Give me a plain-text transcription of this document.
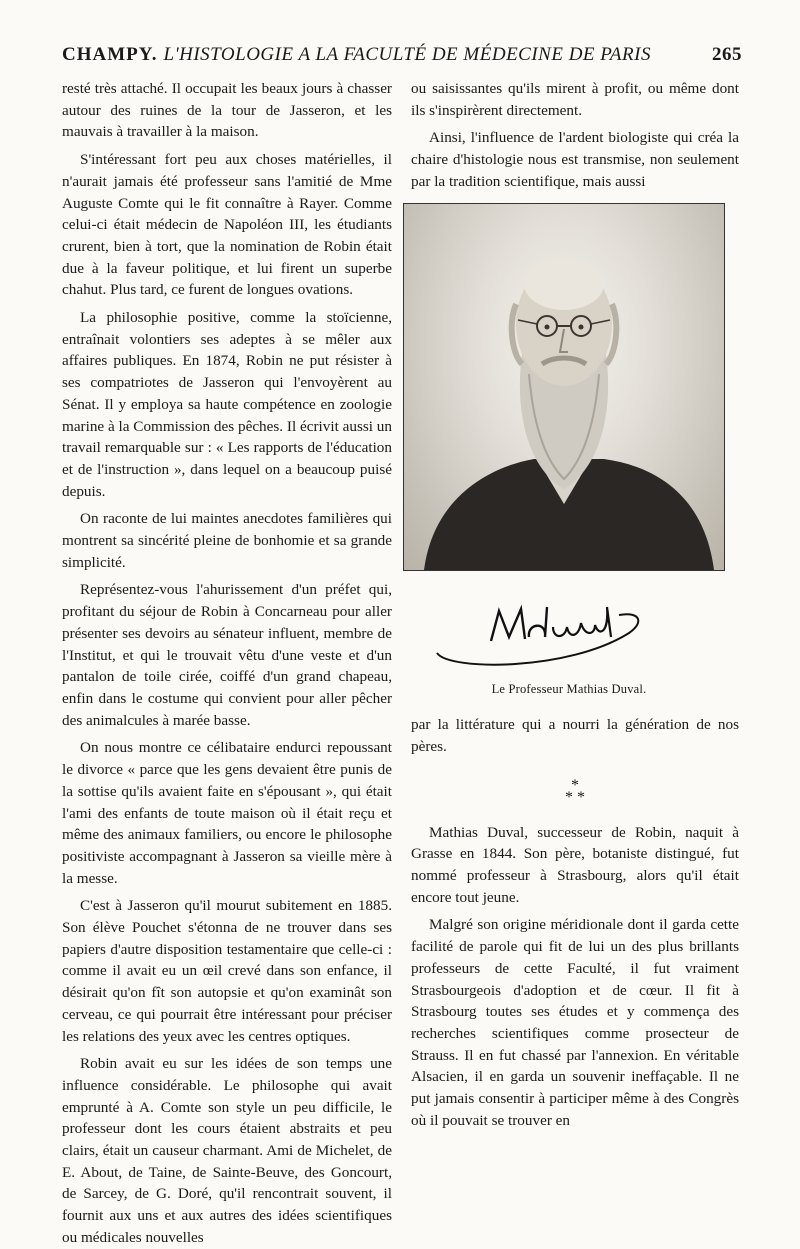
CHAMPY. L'HISTOLOGIE A LA FACULTÉ DE MÉDECINE DE PARIS	265

resté très attaché. Il occupait les beaux jours à chasser autour des ruines de la tour de Jasseron, et les mauvais à travailler à la maison.

S'intéressant fort peu aux choses matérielles, il n'aurait jamais été professeur sans l'amitié de Mme Auguste Comte qui le fit connaître à Rayer. Comme celui-ci était médecin de Napoléon III, les étudiants crurent, bien à tort, que la nomination de Robin était due à la faveur politique, et lui firent un superbe chahut. Plus tard, ce furent de longues ovations.

La philosophie positive, comme la stoïcienne, entraînait volontiers ses adeptes à se mêler aux affaires publiques. En 1874, Robin ne put résister à ses compatriotes de Jasseron qui l'envoyèrent au Sénat. Il y employa sa haute compétence en zoologie marine à la Commission des pêches. Il écrivit aussi un travail remarquable sur : « Les rapports de l'éducation et de l'instruction », dans lequel on a beaucoup puisé depuis.

On raconte de lui maintes anecdotes familières qui montrent sa sincérité pleine de bonhomie et sa grande simplicité.

Représentez-vous l'ahurissement d'un préfet qui, profitant du séjour de Robin à Concarneau pour aller présenter ses devoirs au sénateur influent, membre de l'Institut, et qui le trouvait vêtu d'une veste et d'un pantalon de toile cirée, coiffé d'un grand chapeau, enfin dans le costume qui convient pour aller pêcher des animalcules à marée basse.

On nous montre ce célibataire endurci repoussant le divorce « parce que les gens devaient être punis de la sottise qu'ils avaient faite en s'épousant », qui était l'ami des enfants de toute maison où il était reçu et même des animaux familiers, ou encore le philosophe positiviste accompagnant à Jasseron sa vieille mère à la messe.

C'est à Jasseron qu'il mourut subitement en 1885. Son élève Pouchet s'étonna de ne trouver dans ses papiers d'autre disposition testamentaire que celle-ci : comme il avait eu un œil crevé dans son enfance, il désirait qu'on fît son autopsie et qu'on examinât son cerveau, ce qui pourrait être intéressant pour préciser les relations des yeux avec les centres optiques.

Robin avait eu sur les idées de son temps une influence considérable. Le philosophe qui avait emprunté à A. Comte son style un peu difficile, le professeur dont les cours étaient abstraits et peu clairs, était un causeur charmant. Ami de Michelet, de E. About, de Taine, de Sainte-Beuve, des Goncourt, de Sarcey, de G. Doré, qu'il rencontrait souvent, il fournit aux uns et aux autres des idées scientifiques ou médicales nouvelles

ou saisissantes qu'ils mirent à profit, ou même dont ils s'inspirèrent directement.

Ainsi, l'influence de l'ardent biologiste qui créa la chaire d'histologie nous est transmise, non seulement par la tradition scientifique, mais aussi

Le Professeur Mathias Duval.

par la littérature qui a nourri la génération de nos pères.

*
* *

Mathias Duval, successeur de Robin, naquit à Grasse en 1844. Son père, botaniste distingué, fut nommé professeur à Strasbourg, alors qu'il était encore tout jeune.

Malgré son origine méridionale dont il garda cette facilité de parole qui fit de lui un des plus brillants professeurs de cette Faculté, il fut vraiment Strasbourgeois d'adoption et de cœur. Il fit à Strasbourg toutes ses études et y commença des recherches scientifiques comme prosecteur de Strauss. Il en fut chassé par l'annexion. En véritable Alsacien, il en garda un souvenir ineffaçable. Il ne put jamais consentir à participer même à des Congrès où il pouvait se trouver en
